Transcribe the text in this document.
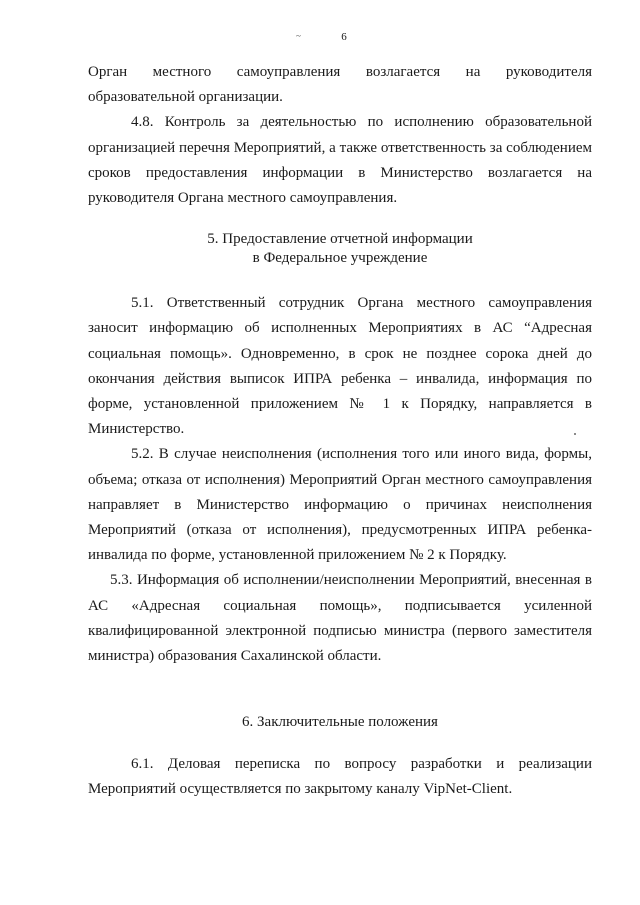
~	6

Орган местного самоуправления возлагается на руководителя образовательной организации.

4.8. Контроль за деятельностью по исполнению образовательной организацией перечня Мероприятий, а также ответственность за соблюдением сроков предоставления информации в Министерство возлагается на руководителя Органа местного самоуправления.

5. Предоставление отчетной информации
в Федеральное учреждение

5.1. Ответственный сотрудник Органа местного самоуправления заносит информацию об исполненных Мероприятиях в АС “Адресная социальная помощь». Одновременно, в срок не позднее сорока дней до окончания действия выписок ИПРА ребенка – инвалида, информация по форме, установленной приложением № 1 к Порядку, направляется в Министерство.

5.2. В случае неисполнения (исполнения того или иного вида, формы, объема; отказа от исполнения) Мероприятий Орган местного самоуправления направляет в Министерство информацию о причинах неисполнения Мероприятий (отказа от исполнения), предусмотренных ИПРА ребенка-инвалида по форме, установленной приложением № 2 к Порядку.

5.3. Информация об исполнении/неисполнении Мероприятий, внесенная в АС «Адресная социальная помощь», подписывается усиленной квалифицированной электронной подписью министра (первого заместителя министра) образования Сахалинской области.

6. Заключительные положения

6.1. Деловая переписка по вопросу разработки и реализации Мероприятий осуществляется по закрытому каналу VipNet-Client.
